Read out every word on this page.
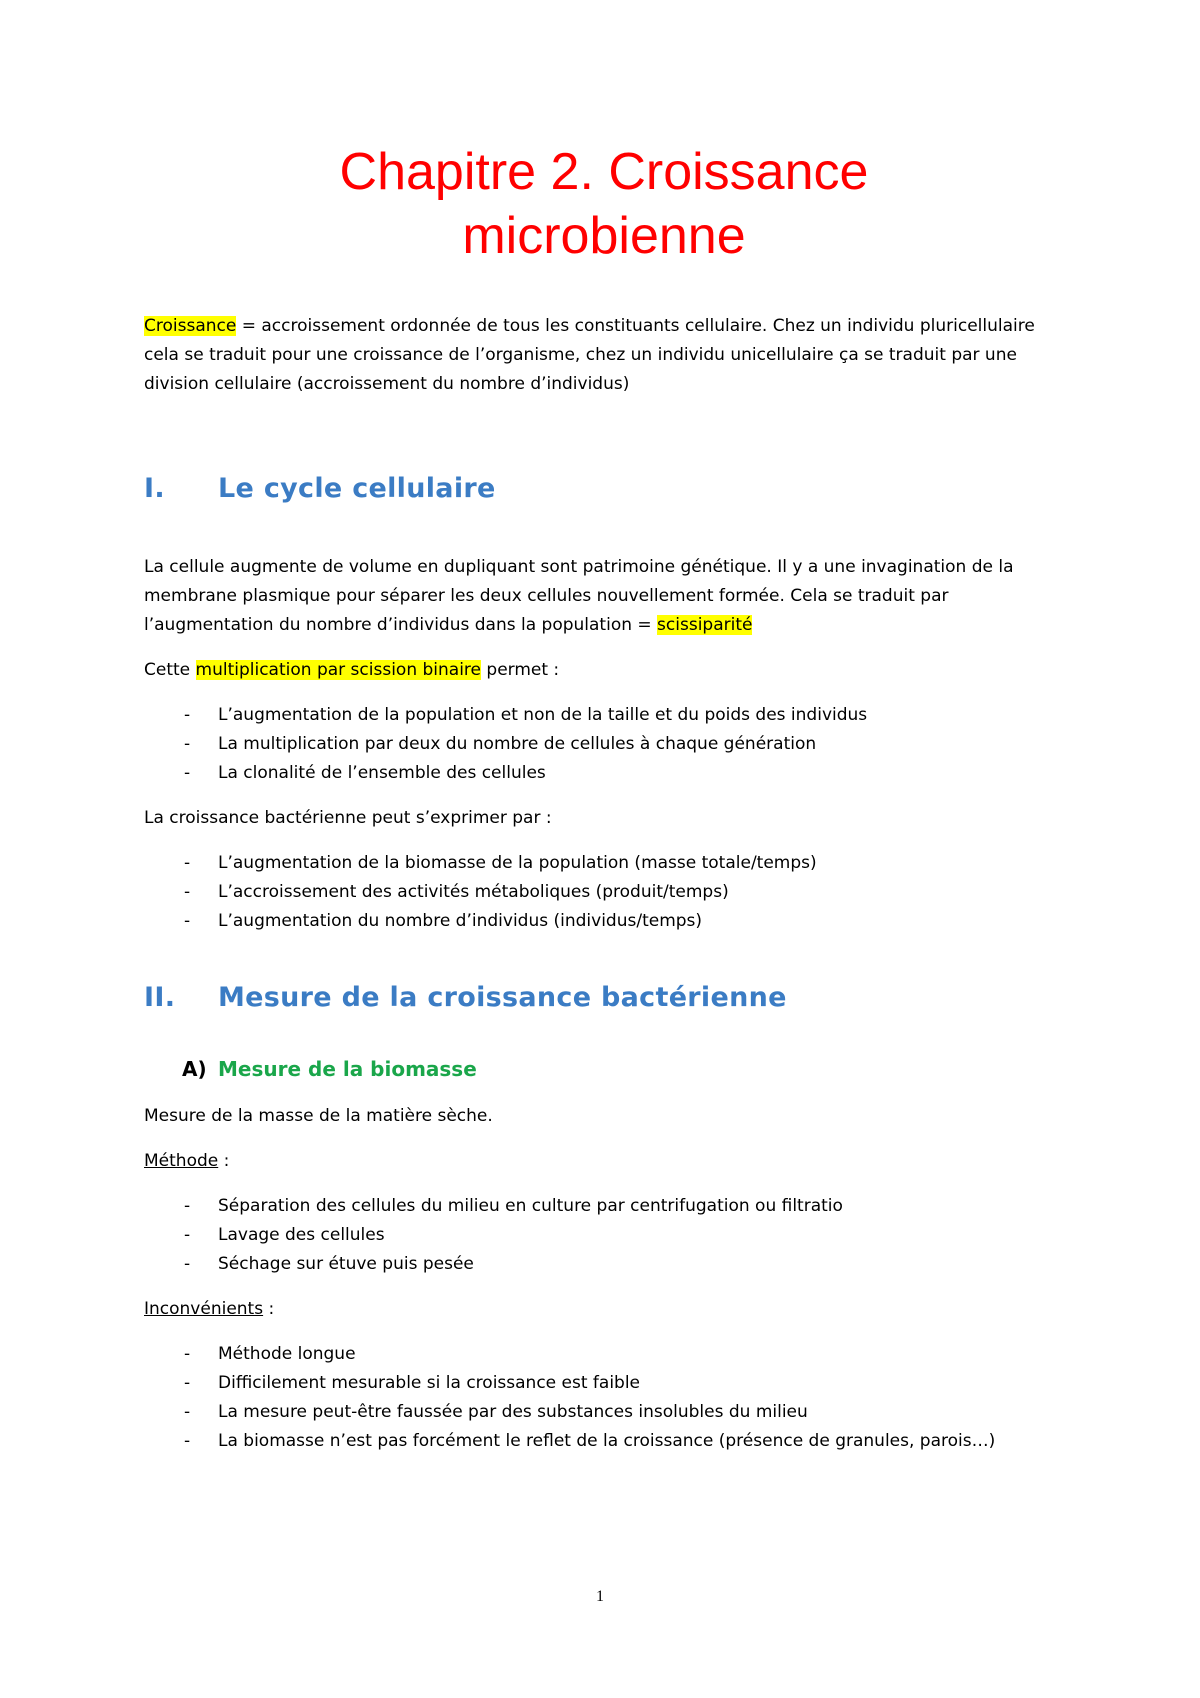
Chapitre 2. Croissance
microbienne

Croissance = accroissement ordonnée de tous les constituants cellulaire. Chez un individu pluricellulaire cela se traduit pour une croissance de l’organisme, chez un individu unicellulaire ça se traduit par une division cellulaire (accroissement du nombre d’individus)

I.	Le cycle cellulaire

La cellule augmente de volume en dupliquant sont patrimoine génétique. Il y a une invagination de la membrane plasmique pour séparer les deux cellules nouvellement formée. Cela se traduit par l’augmentation du nombre d’individus dans la population = scissiparité

Cette multiplication par scission binaire permet :

- L’augmentation de la population et non de la taille et du poids des individus
- La multiplication par deux du nombre de cellules à chaque génération
- La clonalité de l’ensemble des cellules

La croissance bactérienne peut s’exprimer par :

- L’augmentation de la biomasse de la population (masse totale/temps)
- L’accroissement des activités métaboliques (produit/temps)
- L’augmentation du nombre d’individus (individus/temps)
II.	Mesure de la croissance bactérienne
A) Mesure de la biomasse

Mesure de la masse de la matière sèche.

Méthode :

- Séparation des cellules du milieu en culture par centrifugation ou filtratio
- Lavage des cellules
- Séchage sur étuve puis pesée

Inconvénients :

- Méthode longue
- Difficilement mesurable si la croissance est faible
- La mesure peut-être faussée par des substances insolubles du milieu
- La biomasse n’est pas forcément le reflet de la croissance (présence de granules, parois…)
1
